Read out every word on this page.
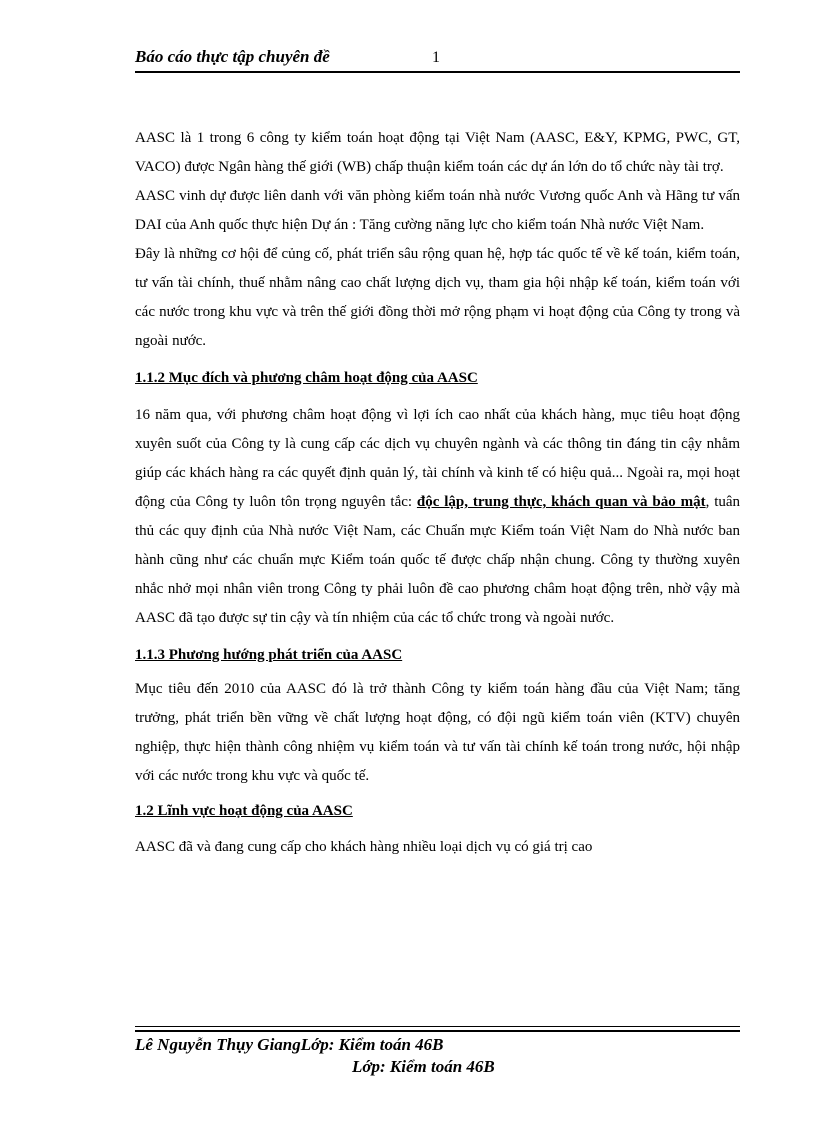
Báo cáo thực tập chuyên đề	1

AASC là 1 trong 6 công ty kiểm toán hoạt động tại Việt Nam (AASC, E&Y, KPMG, PWC, GT, VACO) được Ngân hàng thế giới (WB) chấp thuận kiểm toán các dự án lớn do tổ chức này tài trợ.

AASC vinh dự được liên danh với văn phòng kiểm toán nhà nước Vương quốc Anh và Hãng tư vấn DAI của Anh quốc thực hiện Dự án : Tăng cường năng lực cho kiểm toán Nhà nước Việt Nam.

Đây là những cơ hội để củng cố, phát triển sâu rộng quan hệ, hợp tác quốc tế về kế toán, kiểm toán, tư vấn tài chính, thuế nhằm nâng cao chất lượng dịch vụ, tham gia hội nhập kế toán, kiểm toán với các nước trong khu vực và trên thế giới đồng thời mở rộng phạm vi hoạt động của Công ty trong và ngoài nước.

1.1.2 Mục đích và phương châm hoạt động của AASC

16 năm qua, với phương châm hoạt động vì lợi ích cao nhất của khách hàng, mục tiêu hoạt động xuyên suốt của Công ty là cung cấp các dịch vụ chuyên ngành và các thông tin đáng tin cậy nhằm giúp các khách hàng ra các quyết định quản lý, tài chính và kinh tế có hiệu quả... Ngoài ra, mọi hoạt động của Công ty luôn tôn trọng nguyên tắc: độc lập, trung thực, khách quan và bảo mật, tuân thủ các quy định của Nhà nước Việt Nam, các Chuẩn mực Kiểm toán Việt Nam do Nhà nước ban hành cũng như các chuẩn mực Kiểm toán quốc tế được chấp nhận chung. Công ty thường xuyên nhắc nhở mọi nhân viên trong Công ty phải luôn đề cao phương châm hoạt động trên, nhờ vậy mà AASC đã tạo được sự tin cậy và tín nhiệm của các tổ chức trong và ngoài nước.

1.1.3 Phương hướng phát triển của AASC

Mục tiêu đến 2010 của AASC đó là trở thành Công ty kiểm toán hàng đầu của Việt Nam; tăng trưởng, phát triển bền vững về chất lượng hoạt động, có đội ngũ kiểm toán viên (KTV) chuyên nghiệp, thực hiện thành công nhiệm vụ kiểm toán và tư vấn tài chính kế toán trong nước, hội nhập với các nước trong khu vực và quốc tế.

1.2 Lĩnh vực hoạt động của AASC

AASC đã và đang cung cấp cho khách hàng nhiều loại dịch vụ có giá trị cao

Lê Nguyễn Thụy GiangLớp: Kiểm toán 46B
Lớp: Kiểm toán 46B
